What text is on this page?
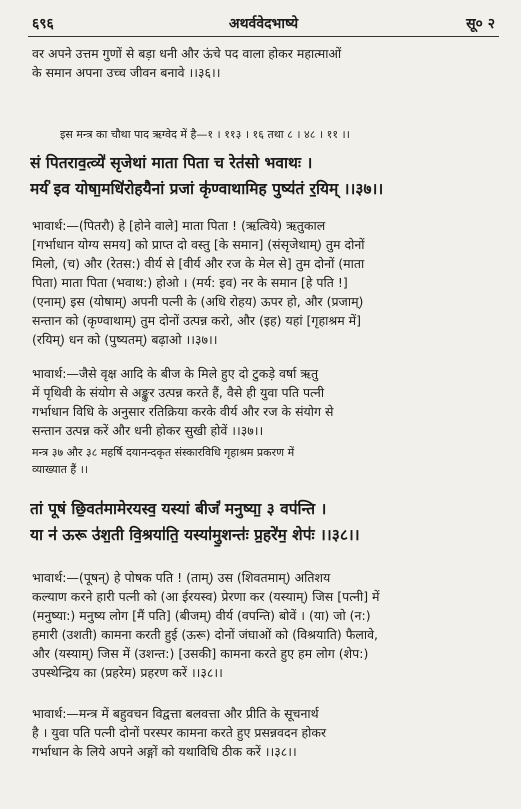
६९६	अथर्ववेदभाष्ये	सू० २
वर अपने उत्तम गुणों से बड़ा धनी और ऊंचे पद वाला होकर महात्माओं
के समान अपना उच्च जीवन बनावे ।।३६।।
इस मन्त्र का चौथा पाद ऋग्वेद में है—१ । ११३ । १६ तथा ८ । ४८ । ११ ।।
सं पितराव॒त्व्ये॑ सृजेथां माता पिता च रेत॑सो भवाथः ।
मर्य॑ इव योषा॒मधि॑रोहयैनां प्रजां कृ॑ण्वाथामिह पुष्य॑तं र॒यिम् ।।३७।।
भावार्थ:—(पितरौ) हे [होने वाले] माता पिता ! (ऋत्विये) ऋतुकाल
[गर्भाधान योग्य समय] को प्राप्त दो वस्तु [के समान] (संसृजेथाम्) तुम दोनों
मिलो, (च) और (रेतस:) वीर्य से [वीर्य और रज के मेल से] तुम दोनों (माता
पिता) माता पिता (भवाथ:) होओ । (मर्य: इव) नर के समान [हे पति !]
(एनाम्) इस (योषाम्) अपनी पत्नी के (अधि रोहय) ऊपर हो, और (प्रजाम्)
सन्तान को (कृण्वाथाम्) तुम दोनों उत्पन्न करो, और (इह) यहां [गृहाश्रम में]
(रयिम्) धन को (पुष्यतम्) बढ़ाओ ।।३७।।
भावार्थ:—जैसे वृक्ष आदि के बीज के मिले हुए दो टुकड़े वर्षा ऋतु
में पृथिवी के संयोग से अङ्कुर उत्पन्न करते हैं, वैसे ही युवा पति पत्नी
गर्भाधान विधि के अनुसार रतिक्रिया करके वीर्य और रज के संयोग से
सन्तान उत्पन्न करें और धनी होकर सुखी होवें ।।३७।।
मन्त्र ३७ और ३८ महर्षि दयानन्दकृत संस्कारविधि गृहाश्रम प्रकरण में
व्याख्यात हैं ।।
तां पूषं छि॒वत॑मामेरयस्व॒ यस्यां बीजं॑ मनुष्या॒ ३ वप॑न्ति ।
या न॑ ऊरू उ॑श॒ती वि॒श्रया॑ति॒ यस्या॑मु॒शन्तः॑ प्र॒हरे॑म॒ शेपः॑ ।।३८।।
भावार्थ:—(पूषन्) हे पोषक पति ! (ताम्) उस (शिवतमाम्) अतिशय
कल्याण करने हारी पत्नी को (आ ईरयस्व) प्रेरणा कर (यस्याम्) जिस [पत्नी] में
(मनुष्या:) मनुष्य लोग [मैं पति] (बीजम्) वीर्य (वपन्ति) बोवें । (या) जो (न:)
हमारी (उशती) कामना करती हुई (ऊरू) दोनों जंघाओं को (विश्रयाति) फैलावे,
और (यस्याम्) जिस में (उशन्त:) [उसकी] कामना करते हुए हम लोग (शेप:)
उपस्थेन्द्रिय का (प्रहरेम) प्रहरण करें ।।३८।।
भावार्थ:—मन्त्र में बहुवचन विद्वत्ता बलवत्ता और प्रीति के सूचनार्थ
है । युवा पति पत्नी दोनों परस्पर कामना करते हुए प्रसन्नवदन होकर
गर्भाधान के लिये अपने अङ्गों को यथाविधि ठीक करें ।।३८।।
